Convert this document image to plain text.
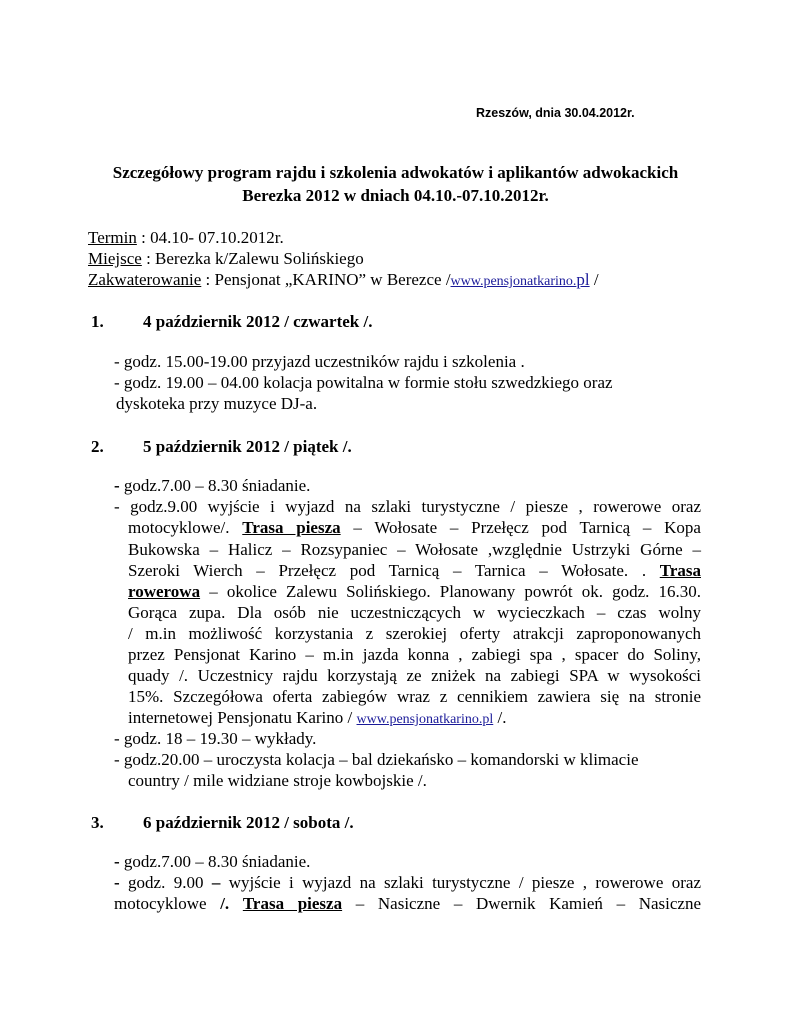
Rzeszów, dnia 30.04.2012r.
Szczegółowy program rajdu i szkolenia adwokatów i aplikantów adwokackich
Berezka 2012 w dniach 04.10.-07.10.2012r.
Termin : 04.10- 07.10.2012r.
Miejsce : Berezka k/Zalewu Solińskiego
Zakwaterowanie : Pensjonat „KARINO” w Berezce /www.pensjonatkarino.pl /
1. 4 październik 2012 / czwartek /.
- godz. 15.00-19.00 przyjazd uczestników rajdu i szkolenia .
- godz. 19.00 – 04.00 kolacja powitalna w formie stołu szwedzkiego oraz
dyskoteka przy muzyce DJ-a.
2. 5 październik 2012 / piątek /.
- godz.7.00 – 8.30 śniadanie.
- godz.9.00 wyjście i wyjazd na szlaki turystyczne / piesze , rowerowe oraz
motocyklowe/. Trasa piesza – Wołosate – Przełęcz pod Tarnicą – Kopa
Bukowska – Halicz – Rozsypaniec – Wołosate ,względnie Ustrzyki Górne –
Szeroki Wierch – Przełęcz pod Tarnicą – Tarnica – Wołosate. . Trasa
rowerowa – okolice Zalewu Solińskiego. Planowany powrót ok. godz. 16.30.
Gorąca zupa. Dla osób nie uczestniczących w wycieczkach – czas wolny
/ m.in możliwość korzystania z szerokiej oferty atrakcji zaproponowanych
przez Pensjonat Karino – m.in jazda konna , zabiegi spa , spacer do Soliny,
quady /. Uczestnicy rajdu korzystają ze zniżek na zabiegi SPA w wysokości
15%. Szczegółowa oferta zabiegów wraz z cennikiem zawiera się na stronie
internetowej Pensjonatu Karino / www.pensjonatkarino.pl /.
- godz. 18 – 19.30 – wykłady.
- godz.20.00 – uroczysta kolacja – bal dziekańsko – komandorski w klimacie
country / mile widziane stroje kowbojskie /.
3. 6 październik 2012 / sobota /.
- godz.7.00 – 8.30 śniadanie.
- godz. 9.00 – wyjście i wyjazd na szlaki turystyczne / piesze , rowerowe oraz
motocyklowe /. Trasa piesza – Nasiczne – Dwernik Kamień – Nasiczne
